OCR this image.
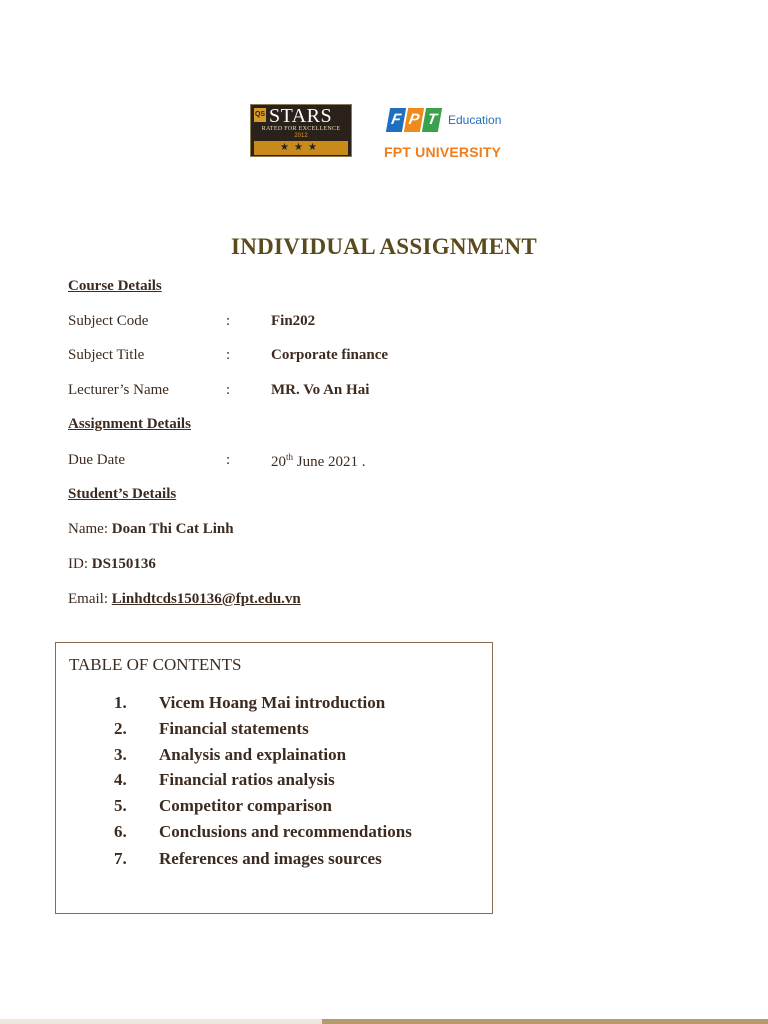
QS STARS
RATED FOR EXCELLENCE
2012
★★★
F P T Education
FPT UNIVERSITY
INDIVIDUAL ASSIGNMENT
Course Details
Subject Code	:	Fin202
Subject Title	:	Corporate finance
Lecturer’s Name	:	MR. Vo An Hai
Assignment Details
Due Date	:	20th June 2021 .
Student’s Details
Name: Doan Thi Cat Linh
ID: DS150136
Email: Linhdtcds150136@fpt.edu.vn
TABLE OF CONTENTS
1.	Vicem Hoang Mai introduction
2.	Financial statements
3.	Analysis and explaination
4.	Financial ratios analysis
5.	Competitor comparison
6.	Conclusions and recommendations
7.	References and images sources
